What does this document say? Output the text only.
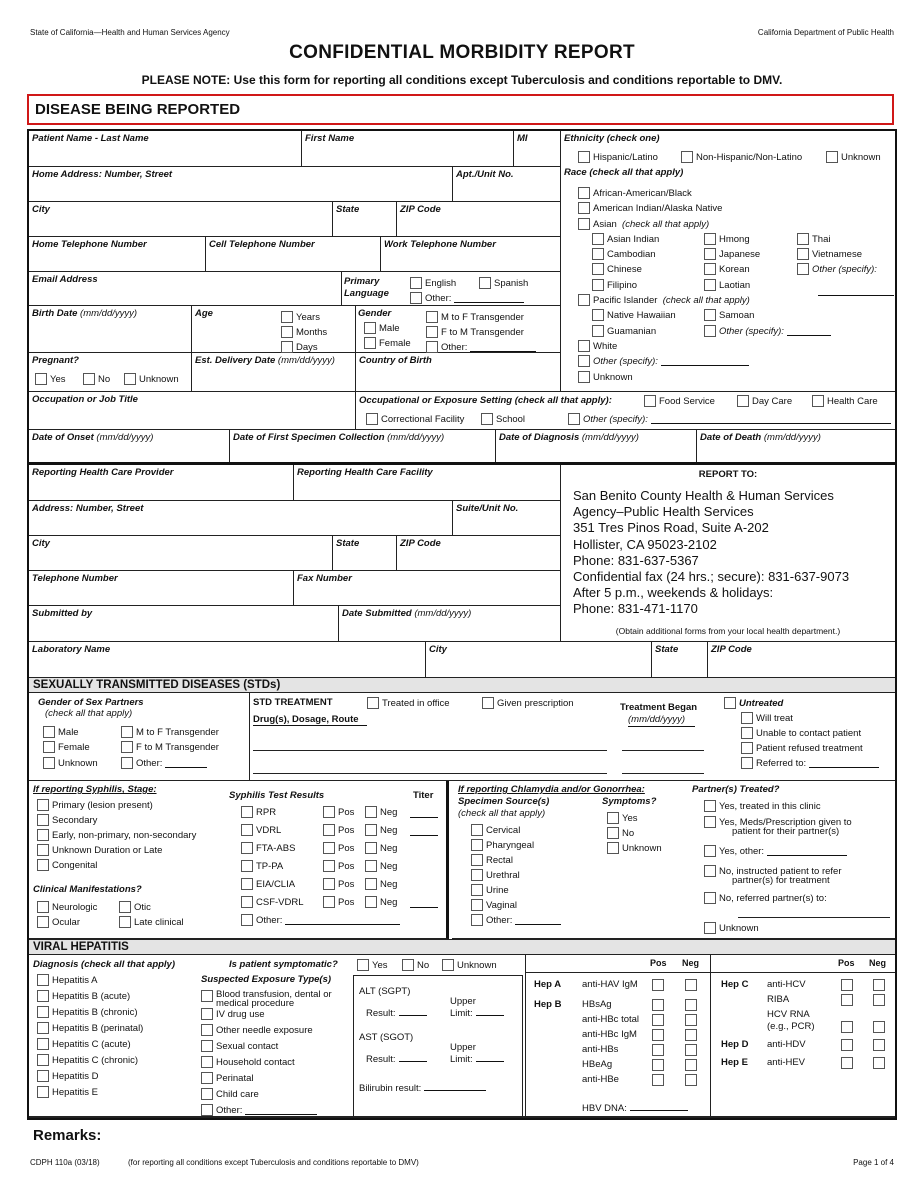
State of California—Health and Human Services Agency	California Department of Public Health
CONFIDENTIAL MORBIDITY REPORT
PLEASE NOTE: Use this form for reporting all conditions except Tuberculosis and conditions reportable to DMV.
DISEASE BEING REPORTED
Patient Name - Last Name	First Name	MI
Home Address: Number, Street	Apt./Unit No.
City	State	ZIP Code
Home Telephone Number	Cell Telephone Number	Work Telephone Number
Email Address	Primary Language
English	Spanish
Other:
Birth Date (mm/dd/yyyy)	Age	Years
Months
Days
Gender
Male
Female
M to F Transgender
F to M Transgender
Other:
Pregnant?
Yes	No	Unknown
Est. Delivery Date (mm/dd/yyyy)	Country of Birth
Ethnicity (check one)
Hispanic/Latino	Non-Hispanic/Non-Latino	Unknown
Race (check all that apply)
African-American/Black
American Indian/Alaska Native
Asian
(check all that apply)
Asian Indian
Cambodian
Chinese
Filipino
Hmong
Japanese
Korean
Laotian
Thai
Vietnamese
Other (specify):
Pacific Islander
(check all that apply)
Native Hawaiian
Guamanian
Samoan
Other (specify):
White
Other (specify):
Unknown
Occupation or Job Title	Occupational or Exposure Setting (check all that apply):	Food Service	Day Care	Health Care
Correctional Facility	School	Other (specify):
Date of Onset (mm/dd/yyyy)	Date of First Specimen Collection (mm/dd/yyyy)	Date of Diagnosis (mm/dd/yyyy)	Date of Death (mm/dd/yyyy)
Reporting Health Care Provider	Reporting Health Care Facility
Address: Number, Street	Suite/Unit No.
City	State	ZIP Code
Telephone Number	Fax Number
Submitted by	Date Submitted (mm/dd/yyyy)
REPORT TO:
San Benito County Health & Human Services
Agency–Public Health Services
351 Tres Pinos Road, Suite A-202
Hollister, CA 95023-2102
Phone: 831-637-5367
Confidential fax (24 hrs.; secure): 831-637-9073
After 5 p.m., weekends & holidays:
Phone: 831-471-1170
(Obtain additional forms from your local health department.)
Laboratory Name	City	State	ZIP Code
SEXUALLY TRANSMITTED DISEASES (STDs)
Gender of Sex Partners
(check all that apply)
Male
Female
Unknown
M to F Transgender
F to M Transgender
Other:
STD TREATMENT	Treated in office	Given prescription
Drug(s), Dosage, Route
Treatment Began
(mm/dd/yyyy)
Untreated
Will treat
Unable to contact patient
Patient refused treatment
Referred to:
If reporting Syphilis, Stage:
Primary (lesion present)
Secondary
Early, non-primary, non-secondary
Unknown Duration or Late
Congenital
Clinical Manifestations?
Neurologic
Ocular
Otic
Late clinical
Syphilis Test Results	Titer
RPR	Pos	Neg
VDRL	Pos	Neg
FTA-ABS	Pos	Neg
TP-PA	Pos	Neg
EIA/CLIA	Pos	Neg
CSF-VDRL	Pos	Neg
Other:
If reporting Chlamydia and/or Gonorrhea:
Specimen Source(s)
(check all that apply)
Cervical
Pharyngeal
Rectal
Urethral
Urine
Vaginal
Other:
Symptoms?
Yes
No
Unknown
Partner(s) Treated?
Yes, treated in this clinic
Yes, Meds/Prescription given to
patient for their partner(s)
Yes, other:
No, instructed patient to refer
partner(s) for treatment
No, referred partner(s) to:
Unknown
VIRAL HEPATITIS
Diagnosis (check all that apply)
Hepatitis A
Hepatitis B (acute)
Hepatitis B (chronic)
Hepatitis B (perinatal)
Hepatitis C (acute)
Hepatitis C (chronic)
Hepatitis D
Hepatitis E
Is patient symptomatic?	Yes	No	Unknown
Suspected Exposure Type(s)
Blood transfusion, dental or
medical procedure
IV drug use
Other needle exposure
Sexual contact
Household contact
Perinatal
Child care
Other:
ALT (SGPT)
Upper
Result:	Limit:
AST (SGOT)
Upper
Result:	Limit:
Bilirubin result:
Pos Neg
Hep A anti-HAV IgM
Hep B HBsAg
anti-HBc total
anti-HBc IgM
anti-HBs
HBeAg
anti-HBe
HBV DNA:
Pos Neg
Hep C anti-HCV
RIBA
HCV RNA
(e.g., PCR)
Hep D anti-HDV
Hep E anti-HEV
Remarks:
CDPH 110a (03/18)	(for reporting all conditions except Tuberculosis and conditions reportable to DMV)	Page 1 of 4
